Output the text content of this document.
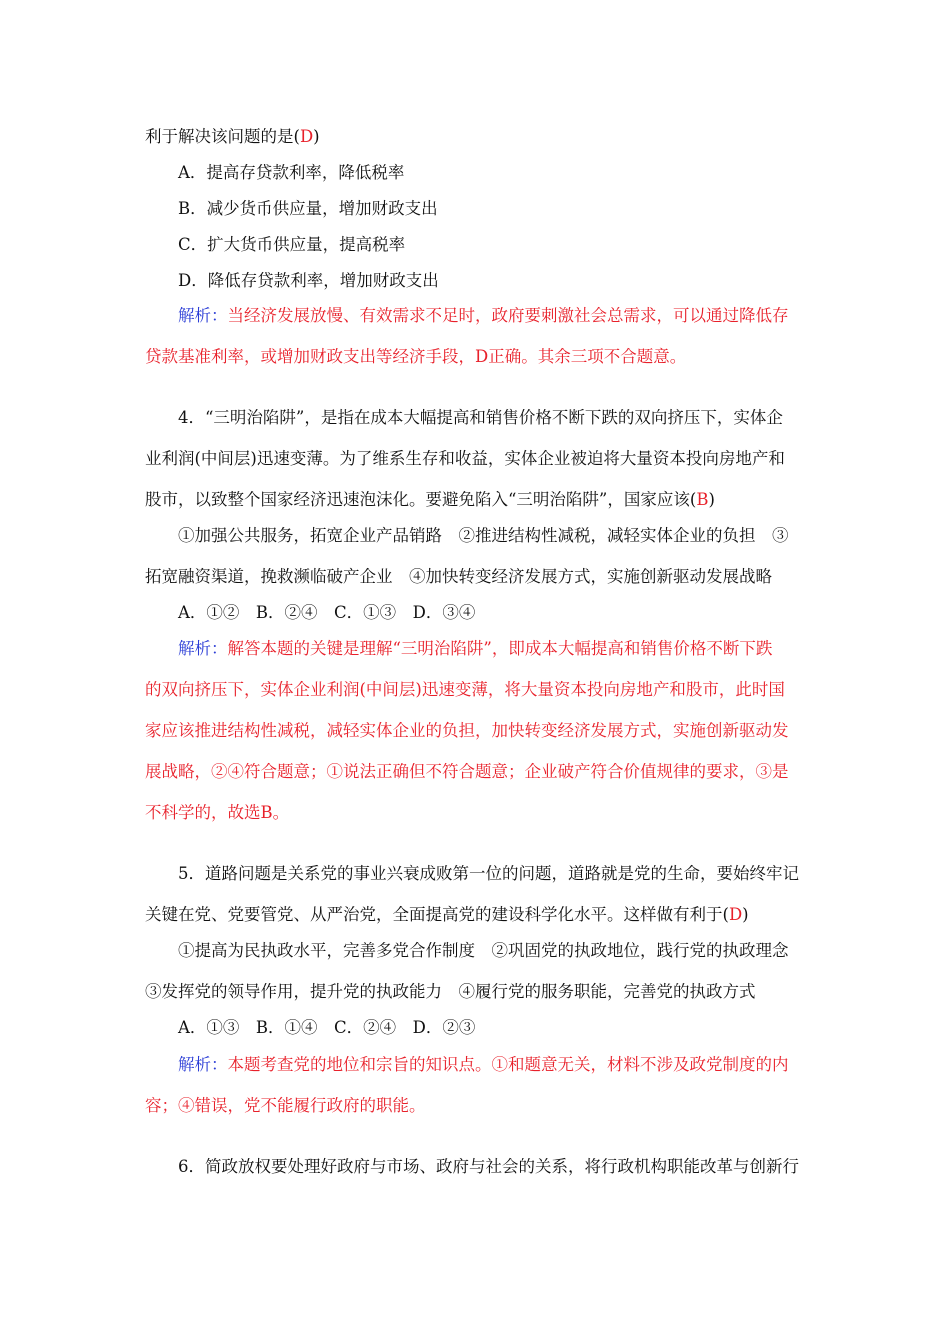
利于解决该问题的是(D)
A．提高存贷款利率，降低税率
B．减少货币供应量，增加财政支出
C．扩大货币供应量，提高税率
D．降低存贷款利率，增加财政支出
解析：当经济发展放慢、有效需求不足时，政府要刺激社会总需求，可以通过降低存
贷款基准利率，或增加财政支出等经济手段，D正确。其余三项不合题意。
4．“三明治陷阱”，是指在成本大幅提高和销售价格不断下跌的双向挤压下，实体企
业利润(中间层)迅速变薄。为了维系生存和收益，实体企业被迫将大量资本投向房地产和
股市，以致整个国家经济迅速泡沫化。要避免陷入“三明治陷阱”，国家应该(B)
①加强公共服务，拓宽企业产品销路　②推进结构性减税，减轻实体企业的负担　③
拓宽融资渠道，挽救濒临破产企业　④加快转变经济发展方式，实施创新驱动发展战略
A．①②　B．②④　C．①③　D．③④
解析：解答本题的关键是理解“三明治陷阱”，即成本大幅提高和销售价格不断下跌
的双向挤压下，实体企业利润(中间层)迅速变薄，将大量资本投向房地产和股市，此时国
家应该推进结构性减税，减轻实体企业的负担，加快转变经济发展方式，实施创新驱动发
展战略，②④符合题意；①说法正确但不符合题意；企业破产符合价值规律的要求，③是
不科学的，故选B。
5．道路问题是关系党的事业兴衰成败第一位的问题，道路就是党的生命，要始终牢记
关键在党、党要管党、从严治党，全面提高党的建设科学化水平。这样做有利于(D)
①提高为民执政水平，完善多党合作制度　②巩固党的执政地位，践行党的执政理念
③发挥党的领导作用，提升党的执政能力　④履行党的服务职能，完善党的执政方式
A．①③　B．①④　C．②④　D．②③
解析：本题考查党的地位和宗旨的知识点。①和题意无关，材料不涉及政党制度的内
容；④错误，党不能履行政府的职能。
6．简政放权要处理好政府与市场、政府与社会的关系，将行政机构职能改革与创新行
